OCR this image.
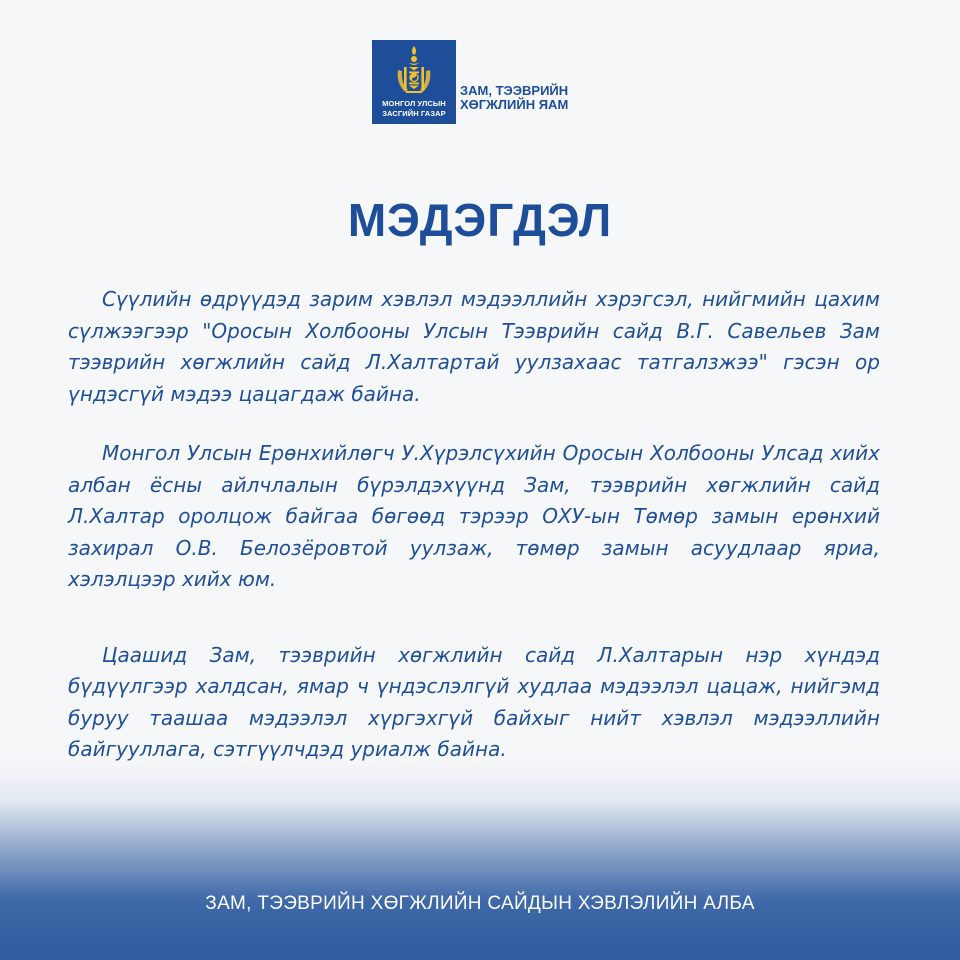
МОНГОЛ УЛСЫН
ЗАСГИЙН ГАЗАР
ЗАМ, ТЭЭВРИЙН
ХӨГЖЛИЙН ЯАМ
МЭДЭГДЭЛ

Сүүлийн өдрүүдэд зарим хэвлэл мэдээллийн хэрэгсэл, нийгмийн цахим сүлжээгээр "Оросын Холбооны Улсын Тээврийн сайд В.Г. Савельев Зам тээврийн хөгжлийн сайд Л.Халтартай уулзахаас татгалзжээ" гэсэн ор үндэсгүй мэдээ цацагдаж байна.

Монгол Улсын Ерөнхийлөгч У.Хүрэлсүхийн Оросын Холбооны Улсад хийх албан ёсны айлчлалын бүрэлдэхүүнд Зам, тээврийн хөгжлийн сайд Л.Халтар оролцож байгаа бөгөөд тэрээр ОХУ-ын Төмөр замын ерөнхий захирал О.В. Белозёровтой уулзаж, төмөр замын асуудлаар яриа, хэлэлцээр хийх юм.

Цаашид Зам, тээврийн хөгжлийн сайд Л.Халтарын нэр хүндэд бүдүүлгээр халдсан, ямар ч үндэслэлгүй худлаа мэдээлэл цацаж, нийгэмд буруу таашаа мэдээлэл хүргэхгүй байхыг нийт хэвлэл мэдээллийн байгууллага, сэтгүүлчдэд уриалж байна.

ЗАМ, ТЭЭВРИЙН ХӨГЖЛИЙН САЙДЫН ХЭВЛЭЛИЙН АЛБА
